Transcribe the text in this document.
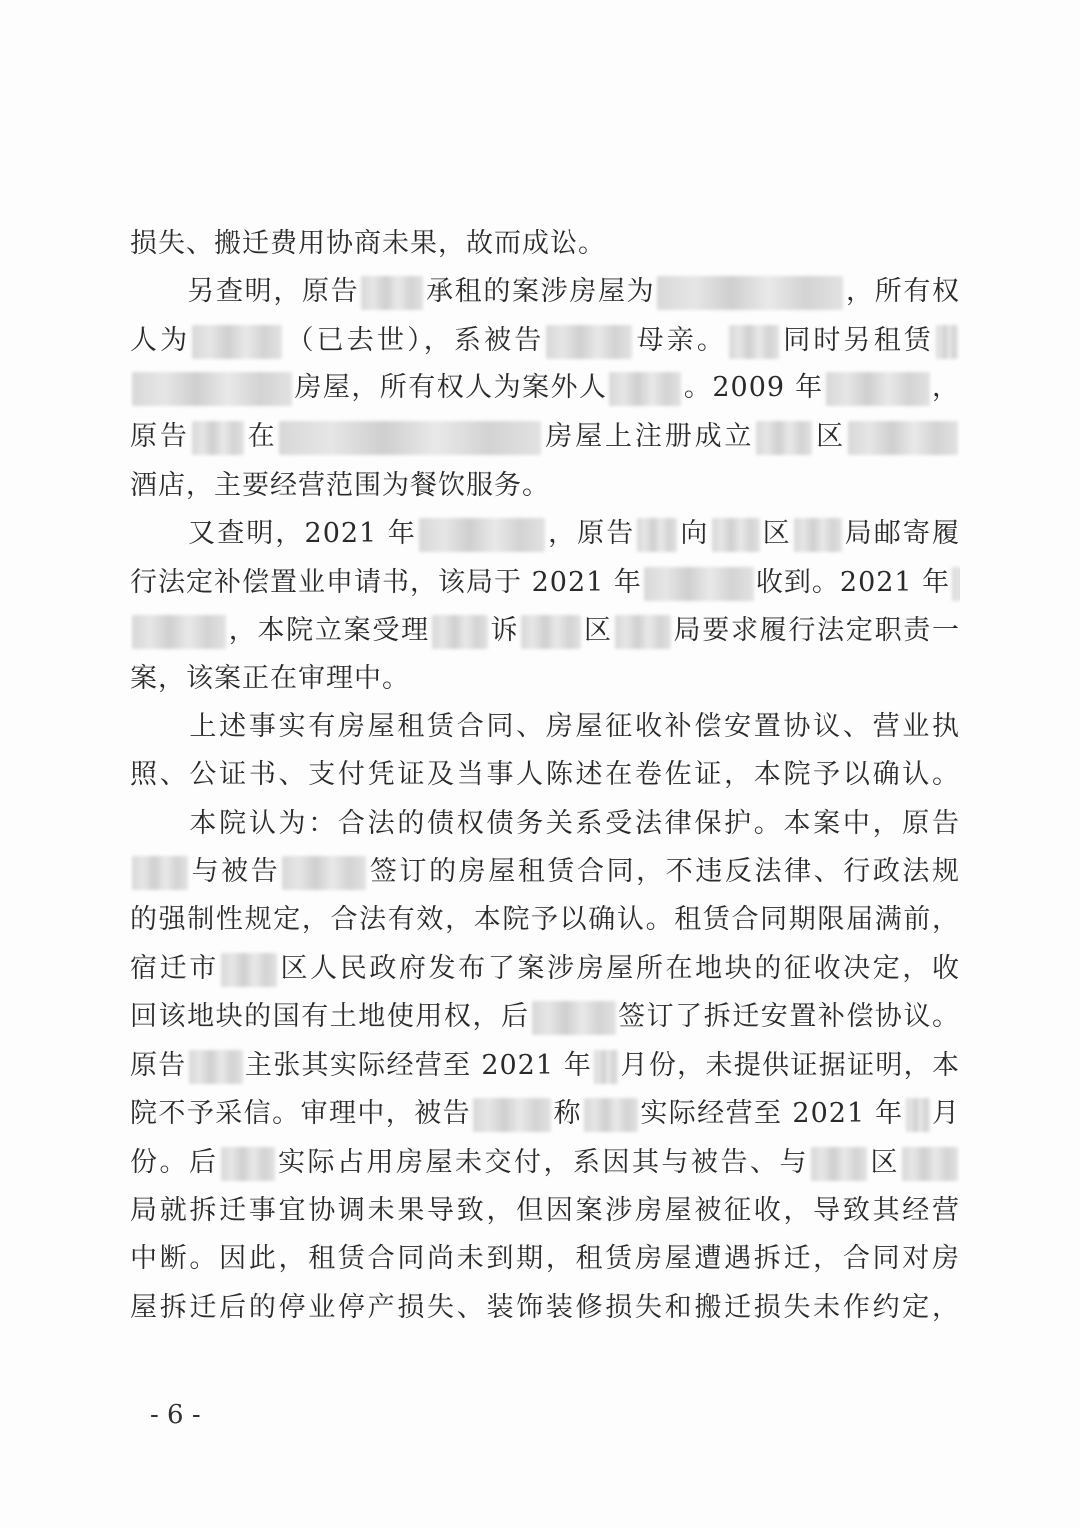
损失、搬迁费用协商未果，故而成讼。
　　另查明，原告 承租的案涉房屋为	，所有权
人为	（已去世），系被告	母亲。 同时另租赁
房屋，所有权人为案外人	。2009 年	，
原告 在	房屋上注册成立 区
酒店，主要经营范围为餐饮服务。
　　又查明，2021 年	，原告 向 区 局邮寄履
行法定补偿置业申请书，该局于 2021 年	收到。2021 年
，本院立案受理 诉 区 局要求履行法定职责一
案，该案正在审理中。
　　上述事实有房屋租赁合同、房屋征收补偿安置协议、营业执
照、公证书、支付凭证及当事人陈述在卷佐证，本院予以确认。
　　本院认为：合法的债权债务关系受法律保护。本案中，原告
与被告	签订的房屋租赁合同，不违反法律、行政法规
的强制性规定，合法有效，本院予以确认。租赁合同期限届满前，
宿迁市 区人民政府发布了案涉房屋所在地块的征收决定，收
回该地块的国有土地使用权，后	签订了拆迁安置补偿协议。
原告 主张其实际经营至 2021 年 月份，未提供证据证明，本
院不予采信。审理中，被告	称 实际经营至 2021 年 月
份。后 实际占用房屋未交付，系因其与被告、与 区
局就拆迁事宜协调未果导致，但因案涉房屋被征收，导致其经营
中断。因此，租赁合同尚未到期，租赁房屋遭遇拆迁，合同对房
屋拆迁后的停业停产损失、装饰装修损失和搬迁损失未作约定，
- 6 -
